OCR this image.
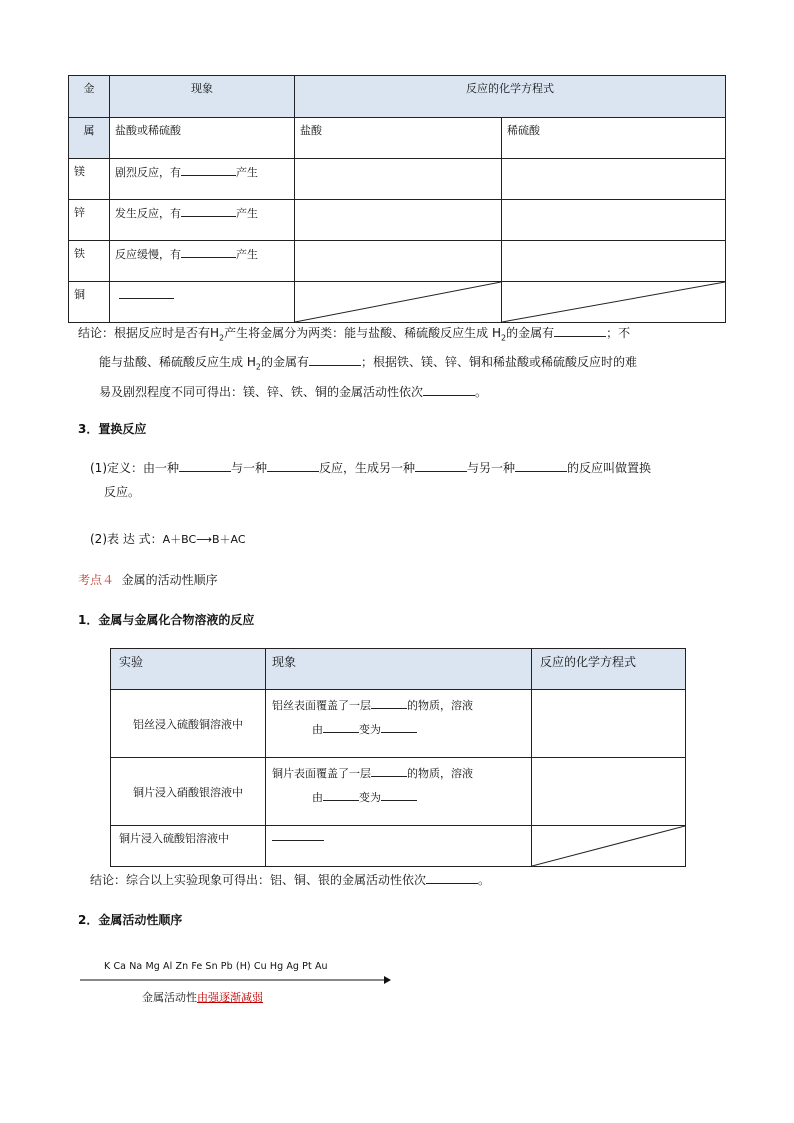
金	现象	反应的化学方程式	
属	盐酸或稀硫酸	盐酸	稀硫酸
镁	剧烈反应，有 产生		
锌	发生反应，有 产生		
铁	反应缓慢，有 产生		
铜		

结论：根据反应时是否有$H_2$产生将金属分为两类：能与盐酸、稀硫酸反应生成 $H_2$的金属有	；不
能与盐酸、稀硫酸反应生成 $H_2$的金属有	；根据铁、镁、锌、铜和稀盐酸或稀硫酸反应时的难
易及剧烈程度不同可得出：镁、锌、铁、铜的金属活动性依次	。
3．置换反应
(1)定义：由一种	与一种	反应，生成另一种	与另一种	的反应叫做置换
反应。
(2)表 达 式：A＋BC⟶B＋AC
考点４ 金属的活动性顺序
1．金属与金属化合物溶液的反应
实验	现象	反应的化学方程式
铝丝浸入硫酸铜溶液中	铝丝表面覆盖了一层 的物质，溶液
由 变为	

铜片浸入硝酸银溶液中	铜片表面覆盖了一层 的物质，溶液
由 变为	

铜片浸入硫酸铝溶液中		
结论：综合以上实验现象可得出：铝、铜、银的金属活动性依次	。
2．金属活动性顺序
K Ca Na Mg Al Zn Fe Sn Pb (H) Cu Hg Ag Pt Au
金属活动性由强逐渐减弱
